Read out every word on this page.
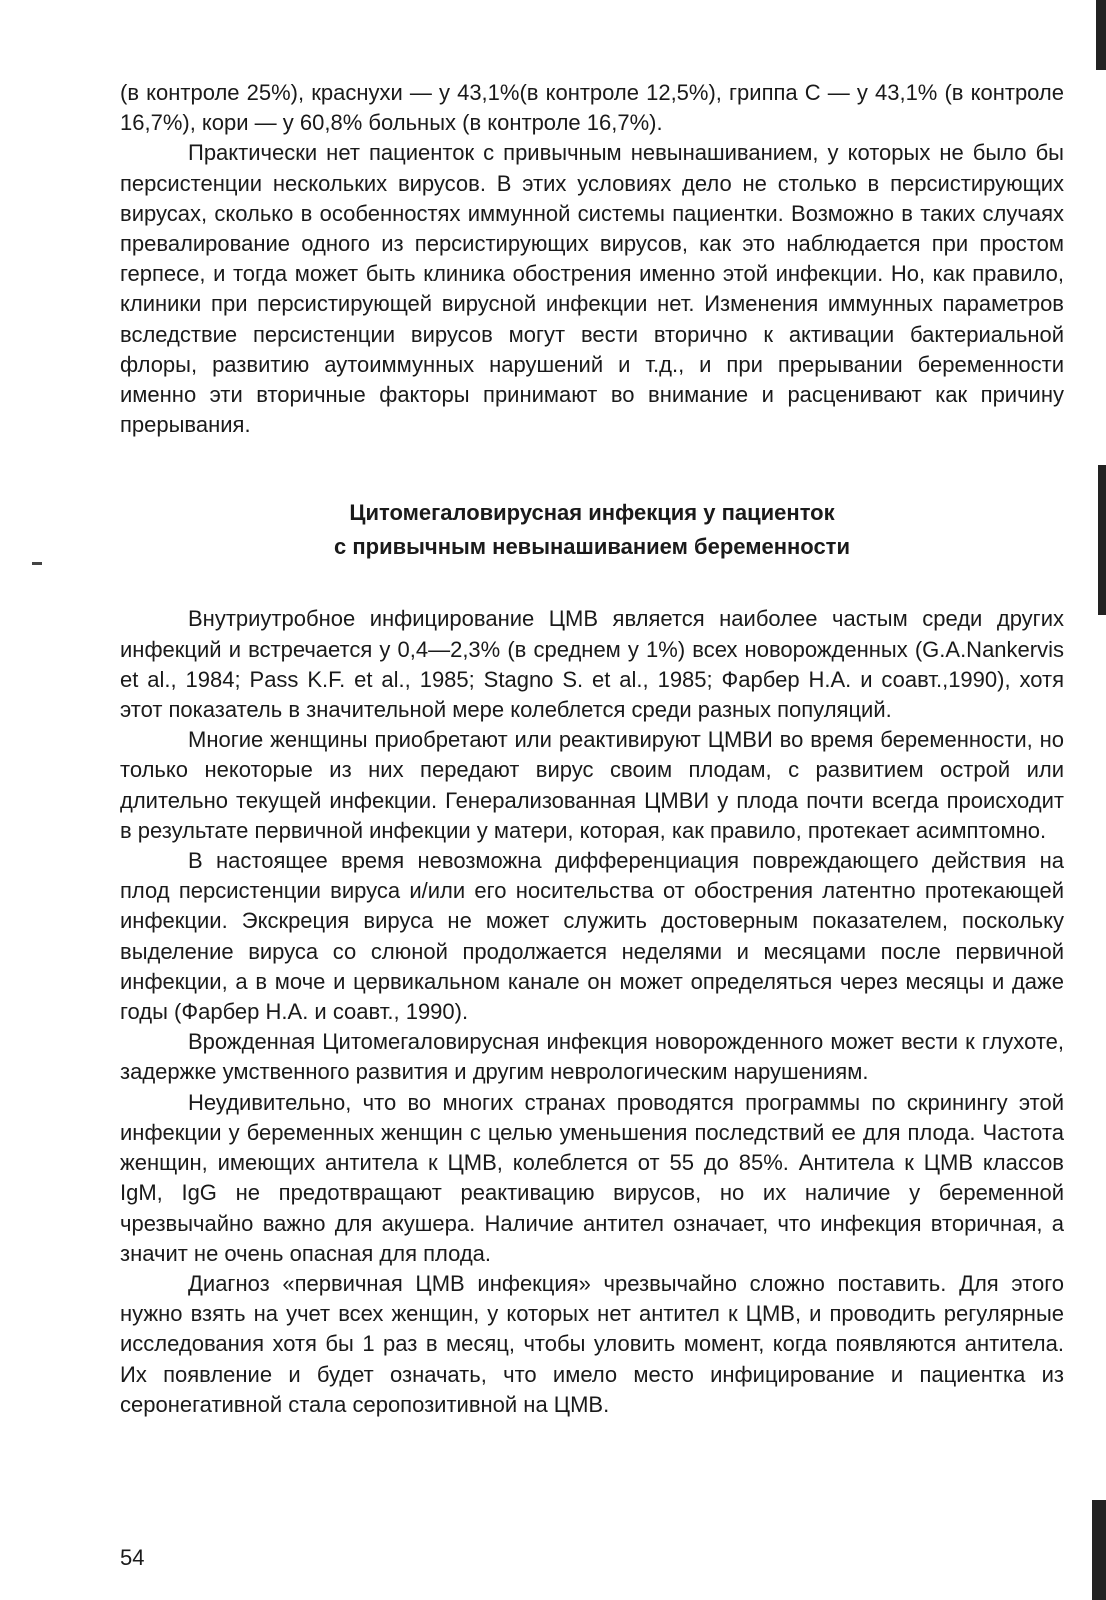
(в контроле 25%), краснухи — у 43,1%(в контроле 12,5%), гриппа С — у 43,1% (в контроле 16,7%), кори — у 60,8% больных (в контроле 16,7%).

Практически нет пациенток с привычным невынашиванием, у которых не было бы персистенции нескольких вирусов. В этих условиях дело не столько в персистирующих вирусах, сколько в особенностях иммунной системы пациентки. Возможно в таких случаях превалирование одного из персистирующих вирусов, как это наблюдается при простом герпесе, и тогда может быть клиника обострения именно этой инфекции. Но, как правило, клиники при персистирующей вирусной инфекции нет. Изменения иммунных параметров вследствие персистенции вирусов могут вести вторично к активации бактериальной флоры, развитию аутоиммунных нарушений и т.д., и при прерывании беременности именно эти вторичные факторы принимают во внимание и расценивают как причину прерывания.

Цитомегаловирусная инфекция у пациенток
с привычным невынашиванием беременности

Внутриутробное инфицирование ЦМВ является наиболее частым среди других инфекций и встречается у 0,4—2,3% (в среднем у 1%) всех новорожденных (G.A.Nankervis et al., 1984; Pass K.F. et al., 1985; Stagno S. et al., 1985; Фарбер Н.А. и соавт.,1990), хотя этот показатель в значительной мере колеблется среди разных популяций.

Многие женщины приобретают или реактивируют ЦМВИ во время беременности, но только некоторые из них передают вирус своим плодам, с развитием острой или длительно текущей инфекции. Генерализованная ЦМВИ у плода почти всегда происходит в результате первичной инфекции у матери, которая, как правило, протекает асимптомно.

В настоящее время невозможна дифференциация повреждающего действия на плод персистенции вируса и/или его носительства от обострения латентно протекающей инфекции. Экскреция вируса не может служить достоверным показателем, поскольку выделение вируса со слюной продолжается неделями и месяцами после первичной инфекции, а в моче и цервикальном канале он может определяться через месяцы и даже годы (Фарбер Н.А. и соавт., 1990).

Врожденная Цитомегаловирусная инфекция новорожденного может вести к глухоте, задержке умственного развития и другим неврологическим нарушениям.

Неудивительно, что во многих странах проводятся программы по скринингу этой инфекции у беременных женщин с целью уменьшения последствий ее для плода. Частота женщин, имеющих антитела к ЦМВ, колеблется от 55 до 85%. Антитела к ЦМВ классов IgM, IgG не предотвращают реактивацию вирусов, но их наличие у беременной чрезвычайно важно для акушера. Наличие антител означает, что инфекция вторичная, а значит не очень опасная для плода.

Диагноз «первичная ЦМВ инфекция» чрезвычайно сложно поставить. Для этого нужно взять на учет всех женщин, у которых нет антител к ЦМВ, и проводить регулярные исследования хотя бы 1 раз в месяц, чтобы уловить момент, когда появляются антитела. Их появление и будет означать, что имело место инфицирование и пациентка из серонегативной стала серопозитивной на ЦМВ.

54
